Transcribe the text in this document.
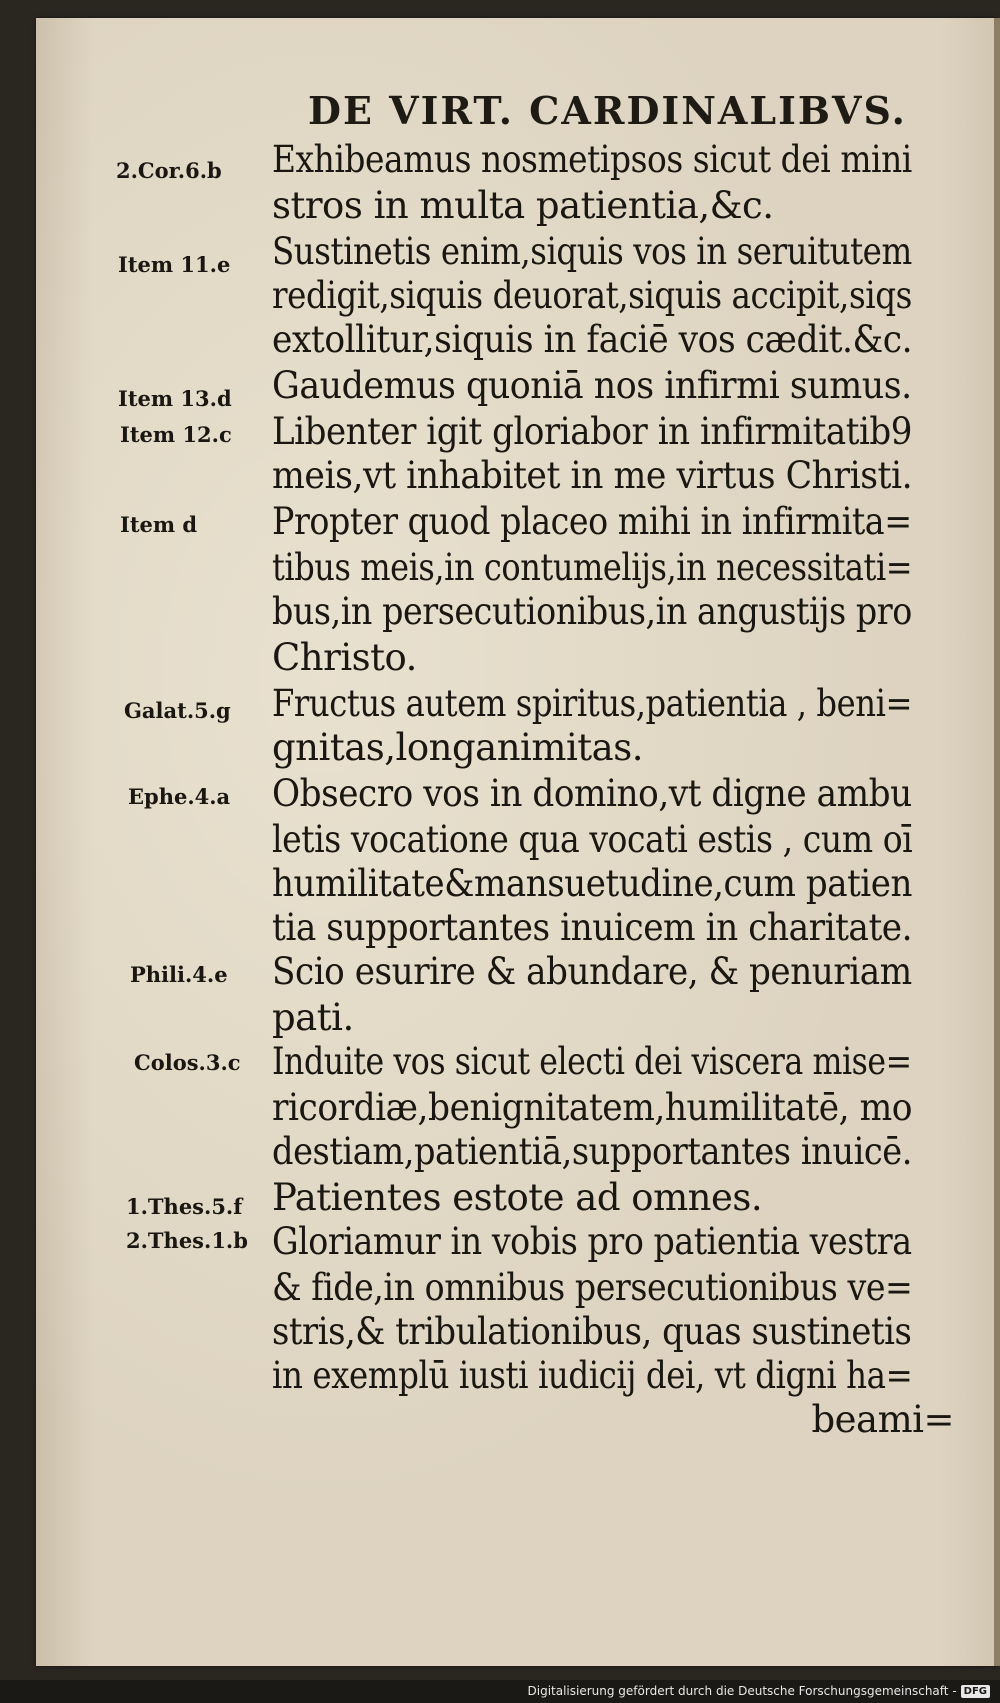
DE VIRT. CARDINALIBVS.
2.Cor.6.b
Item 11.e
Item 13.d
Item 12.c
Item d
Galat.5.g
Ephe.4.a
Phili.4.e
Colos.3.c
1.Thes.5.f
2.Thes.1.b
Exhibeamus nosmetipsos sicut dei mini
stros in multa patientia,&c.
Sustinetis enim,siquis vos in seruitutem
redigit,siquis deuorat,siquis accipit,siqs
extollitur,siquis in faciē vos cædit.&c.
Gaudemus quoniā nos infirmi sumus.
Libenter igit gloriabor in infirmitatib9
meis,vt inhabitet in me virtus Christi.
Propter quod placeo mihi in infirmita=
tibus meis,in contumelijs,in necessitati=
bus,in persecutionibus,in angustijs pro
Christo.
Fructus autem spiritus,patientia , beni=
gnitas,longanimitas.
Obsecro vos in domino,vt digne ambu
letis vocatione qua vocati estis , cum oī
humilitate&mansuetudine,cum patien
tia supportantes inuicem in charitate.
Scio esurire & abundare, & penuriam
pati.
Induite vos sicut electi dei viscera mise=
ricordiæ,benignitatem,humilitatē, mo
destiam,patientiā,supportantes inuicē.
Patientes estote ad omnes.
Gloriamur in vobis pro patientia vestra
& fide,in omnibus persecutionibus ve=
stris,& tribulationibus, quas sustinetis
in exemplū iusti iudicij dei, vt digni ha=
beami=
Digitalisierung gefördert durch die Deutsche Forschungsgemeinschaft - DFG
